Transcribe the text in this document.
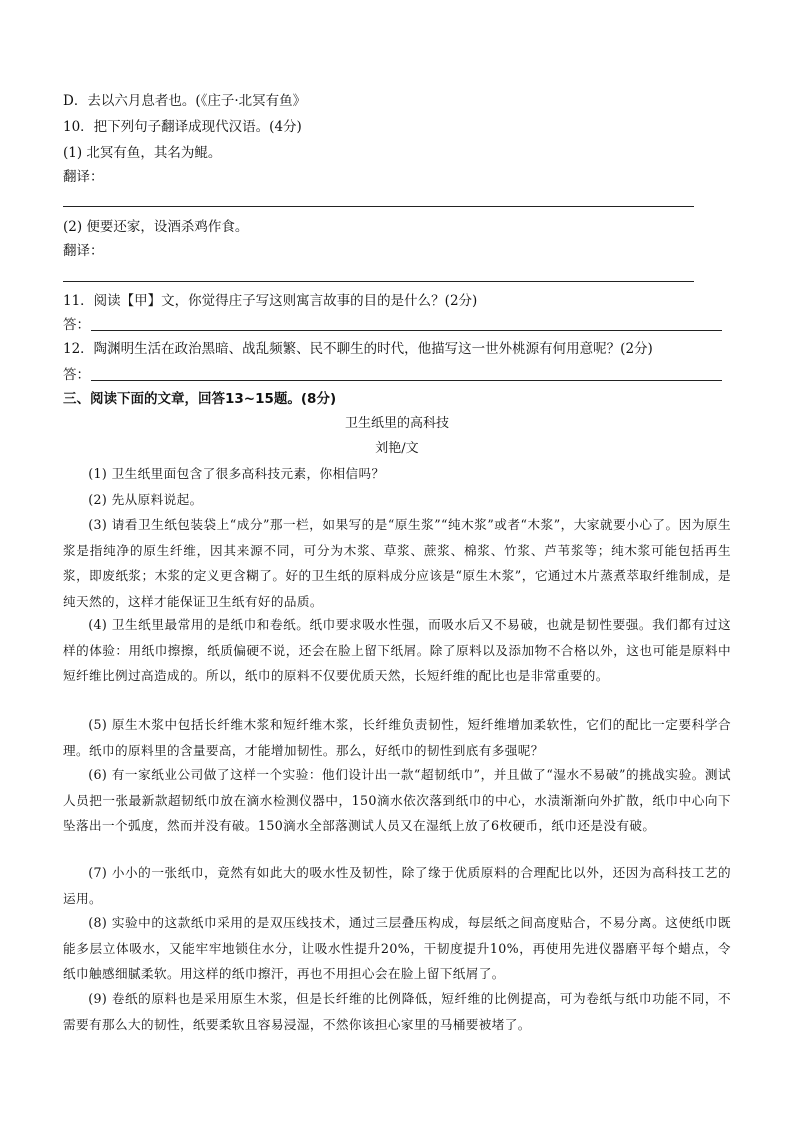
D．去以六月息者也。(《庄子·北冥有鱼》
10．把下列句子翻译成现代汉语。(4分)
(1) 北冥有鱼，其名为鲲。
翻译：
(2) 便要还家，设酒杀鸡作食。
翻译：
11．阅读【甲】文，你觉得庄子写这则寓言故事的目的是什么？(2分)
答：
12．陶渊明生活在政治黑暗、战乱频繁、民不聊生的时代，他描写这一世外桃源有何用意呢？(2分)
答：
三、阅读下面的文章，回答13~15题。(8分)
卫生纸里的高科技
刘艳/文
(1) 卫生纸里面包含了很多高科技元素，你相信吗？
(2) 先从原料说起。
(3) 请看卫生纸包装袋上“成分”那一栏，如果写的是“原生浆”“纯木浆”或者“木浆”，大家就要小心了。因为原生浆是指纯净的原生纤维，因其来源不同，可分为木浆、草浆、蔗浆、棉浆、竹浆、芦苇浆等；纯木浆可能包括再生浆，即废纸浆；木浆的定义更含糊了。好的卫生纸的原料成分应该是“原生木浆”，它通过木片蒸煮萃取纤维制成，是纯天然的，这样才能保证卫生纸有好的品质。
(4) 卫生纸里最常用的是纸巾和卷纸。纸巾要求吸水性强，而吸水后又不易破，也就是韧性要强。我们都有过这样的体验：用纸巾擦擦，纸质偏硬不说，还会在脸上留下纸屑。除了原料以及添加物不合格以外，这也可能是原料中短纤维比例过高造成的。所以，纸巾的原料不仅要优质天然，长短纤维的配比也是非常重要的。
(5) 原生木浆中包括长纤维木浆和短纤维木浆，长纤维负责韧性，短纤维增加柔软性，它们的配比一定要科学合理。纸巾的原料里的含量要高，才能增加韧性。那么，好纸巾的韧性到底有多强呢？
(6) 有一家纸业公司做了这样一个实验：他们设计出一款“超韧纸巾”，并且做了“湿水不易破”的挑战实验。测试人员把一张最新款超韧纸巾放在滴水检测仪器中，150滴水依次落到纸巾的中心，水渍渐渐向外扩散，纸巾中心向下坠落出一个弧度，然而并没有破。150滴水全部落测试人员又在湿纸上放了6枚硬币，纸巾还是没有破。
(7) 小小的一张纸巾，竟然有如此大的吸水性及韧性，除了缘于优质原料的合理配比以外，还因为高科技工艺的运用。
(8) 实验中的这款纸巾采用的是双压线技术，通过三层叠压构成，每层纸之间高度贴合，不易分离。这使纸巾既能多层立体吸水，又能牢牢地锁住水分，让吸水性提升20%，干韧度提升10%，再使用先进仪器磨平每个蜡点，令纸巾触感细腻柔软。用这样的纸巾擦汗，再也不用担心会在脸上留下纸屑了。
(9) 卷纸的原料也是采用原生木浆，但是长纤维的比例降低，短纤维的比例提高，可为卷纸与纸巾功能不同，不需要有那么大的韧性，纸要柔软且容易浸湿，不然你该担心家里的马桶要被堵了。
